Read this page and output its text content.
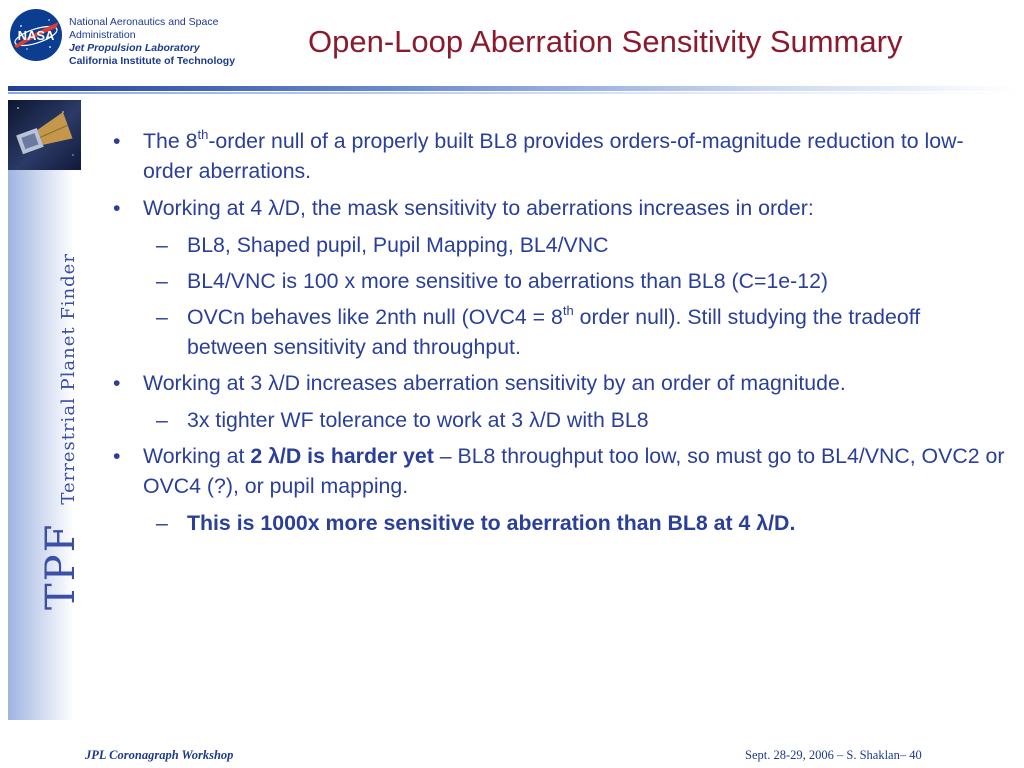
NASA
National Aeronautics and Space
Administration
Jet Propulsion Laboratory
California Institute of Technology
Open-Loop Aberration Sensitivity Summary
TPFTerrestrial Planet Finder
• The 8th-order null of a properly built BL8 provides orders-of-magnitude reduction to low-order aberrations.
• Working at 4 λ/D, the mask sensitivity to aberrations increases in order:
– BL8, Shaped pupil, Pupil Mapping, BL4/VNC
– BL4/VNC is 100 x more sensitive to aberrations than BL8 (C=1e-12)
– OVCn behaves like 2nth null (OVC4 = 8th order null). Still studying the tradeoff between sensitivity and throughput.
• Working at 3 λ/D increases aberration sensitivity by an order of magnitude.
– 3x tighter WF tolerance to work at 3 λ/D with BL8
• Working at 2 λ/D is harder yet – BL8 throughput too low, so must go to BL4/VNC, OVC2 or OVC4 (?), or pupil mapping.
– This is 1000x more sensitive to aberration than BL8 at 4 λ/D.
JPL Coronagraph Workshop	Sept. 28-29, 2006 – S. Shaklan– 40
